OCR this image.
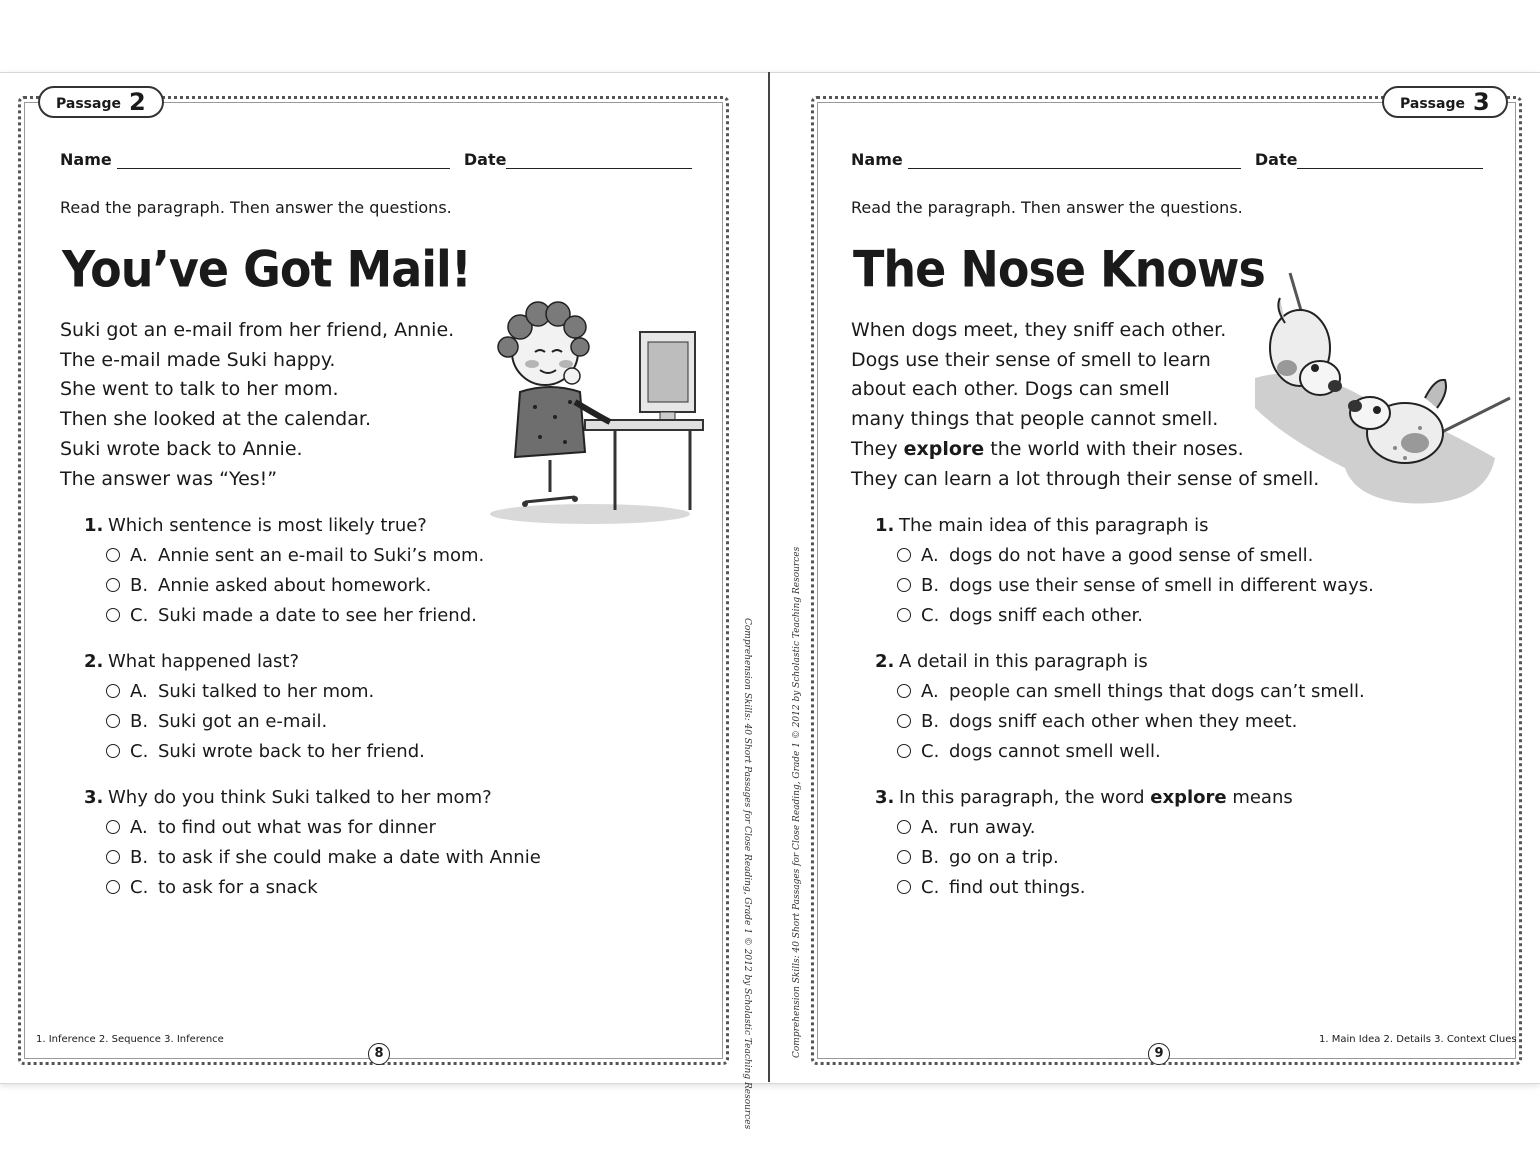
Passage 2
Name	Date
Read the paragraph. Then answer the questions.
You’ve Got Mail!

Suki got an e-mail from her friend, Annie.
The e-mail made Suki happy.
She went to talk to her mom.
Then she looked at the calendar.
Suki wrote back to Annie.
The answer was “Yes!”

1. Which sentence is most likely true?
A. Annie sent an e-mail to Suki’s mom.
B. Annie asked about homework.
C. Suki made a date to see her friend.
2. What happened last?
A. Suki talked to her mom.
B. Suki got an e-mail.
C. Suki wrote back to her friend.
3. Why do you think Suki talked to her mom?
A. to find out what was for dinner
B. to ask if she could make a date with Annie
C. to ask for a snack
1. Inference 2. Sequence 3. Inference
8	Comprehension Skills: 40 Short Passages for Close Reading, Grade 1 © 2012 by Scholastic Teaching Resources
Passage 3
Name	Date
Read the paragraph. Then answer the questions.
The Nose Knows

When dogs meet, they sniff each other.
Dogs use their sense of smell to learn
about each other. Dogs can smell
many things that people cannot smell.
They explore the world with their noses.
They can learn a lot through their sense of smell.

1. The main idea of this paragraph is
A. dogs do not have a good sense of smell.
B. dogs use their sense of smell in different ways.
C. dogs sniff each other.
2. A detail in this paragraph is
A. people can smell things that dogs can’t smell.
B. dogs sniff each other when they meet.
C. dogs cannot smell well.
3. In this paragraph, the word explore means
A. run away.
B. go on a trip.
C. find out things.
1. Main Idea 2. Details 3. Context Clues
9
Comprehension Skills: 40 Short Passages for Close Reading, Grade 1 © 2012 by Scholastic Teaching Resources
